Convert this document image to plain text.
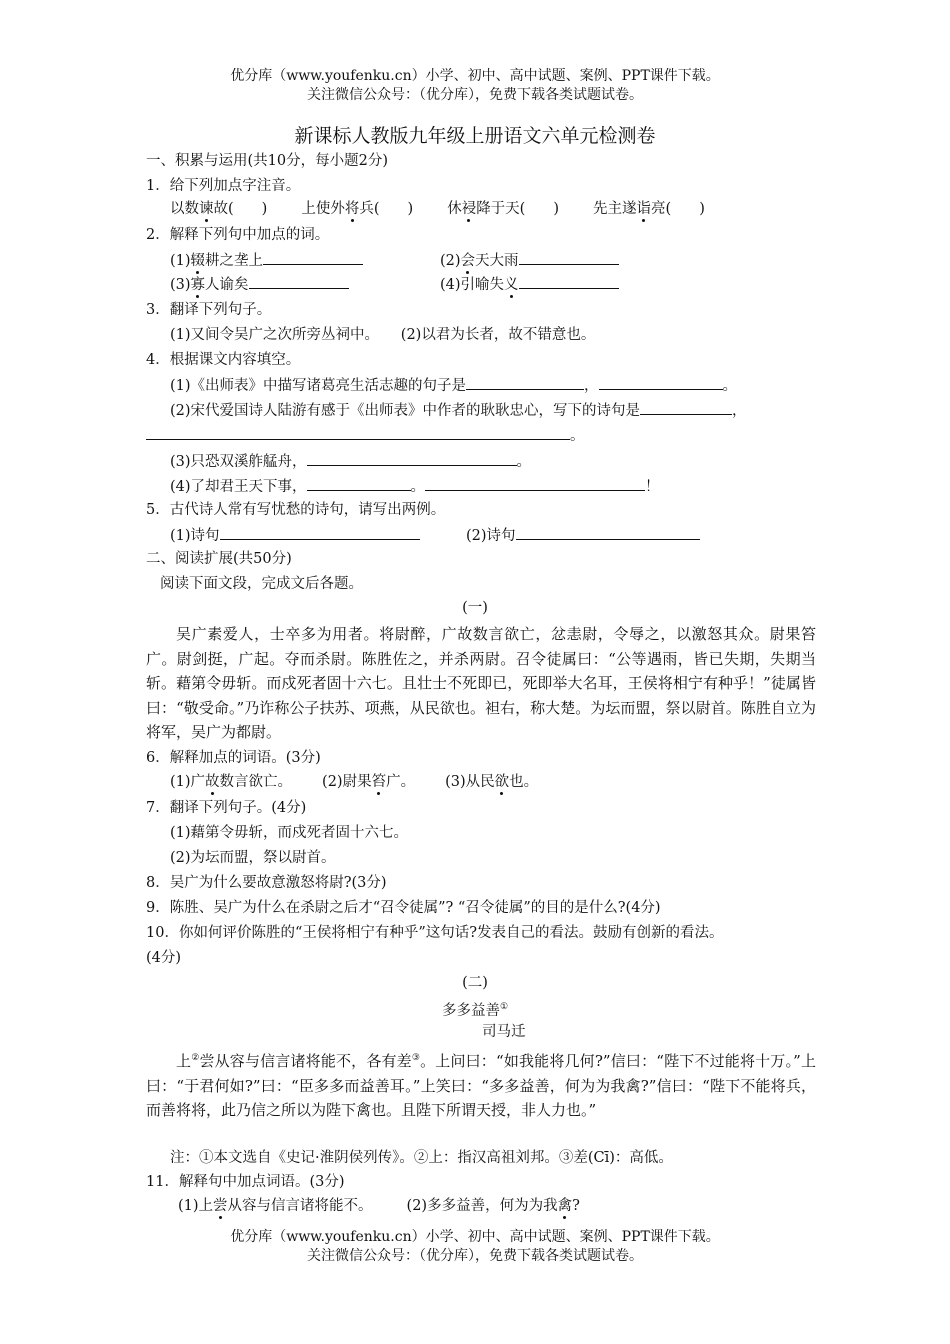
优分库（www.youfenku.cn）小学、初中、高中试题、案例、PPT课件下载。
关注微信公众号：（优分库），免费下载各类试题试卷。
新课标人教版九年级上册语文六单元检测卷
一、积累与运用(共10分，每小题2分)
1．给下列加点字注音。
以数谏故( ) 上使外将兵( ) 休祲降于天( ) 先主遂诣亮( )
2．解释下列句中加点的词。
(1)辍耕之垄上	(2)会天大雨
(3)寡人谕矣	(4)引喻失义
3．翻译下列句子。
(1)又间令吴广之次所旁丛祠中。　　(2)以君为长者，故不错意也。
4．根据课文内容填空。
(1)《出师表》中描写诸葛亮生活志趣的句子是	，	。
(2)宋代爱国诗人陆游有感于《出师表》中作者的耿耿忠心，写下的诗句是	，
。
(3)只恐双溪舴艋舟，	。
(4)了却君王天下事，	。	！
5．古代诗人常有写忧愁的诗句，请写出两例。
(1)诗句	(2)诗句
二、阅读扩展(共50分)
阅读下面文段，完成文后各题。
(一)
吴广素爱人，士卒多为用者。将尉醉，广故数言欲亡，忿恚尉，令辱之，以激怒其众。尉果笞广。尉剑挺，广起。夺而杀尉。陈胜佐之，并杀两尉。召令徒属曰：“公等遇雨，皆已失期，失期当斩。藉第令毋斩。而戍死者固十六七。且壮士不死即已，死即举大名耳，王侯将相宁有种乎！”徒属皆曰：“敬受命。”乃诈称公子扶苏、项燕，从民欲也。袒右，称大楚。为坛而盟，祭以尉首。陈胜自立为将军，吴广为都尉。
6．解释加点的词语。(3分)
(1)广故数言欲亡。 (2)尉果笞广。 (3)从民欲也。
7．翻译下列句子。(4分)
(1)藉第令毋斩，而戍死者固十六七。
(2)为坛而盟，祭以尉首。
8．吴广为什么要故意激怒将尉?(3分)
9．陈胜、吴广为什么在杀尉之后才“召令徒属”? “召令徒属”的目的是什么?(4分)
10．你如何评价陈胜的“王侯将相宁有种乎”这句话?发表自己的看法。鼓励有创新的看法。
(4分)
(二)
多多益善①
司马迁
上②尝从容与信言诸将能不，各有差③。上问曰：“如我能将几何?”信曰：“陛下不过能将十万。”上曰：“于君何如?”曰：“臣多多而益善耳。”上笑曰：“多多益善，何为为我禽?”信曰：“陛下不能将兵，而善将将，此乃信之所以为陛下禽也。且陛下所谓天授，非人力也。”
注：①本文选自《史记·淮阴侯列传》。②上：指汉高祖刘邦。③差(Cī)：高低。
11．解释句中加点词语。(3分)
(1)上尝从容与信言诸将能不。 (2)多多益善，何为为我禽?
优分库（www.youfenku.cn）小学、初中、高中试题、案例、PPT课件下载。
关注微信公众号：（优分库），免费下载各类试题试卷。
